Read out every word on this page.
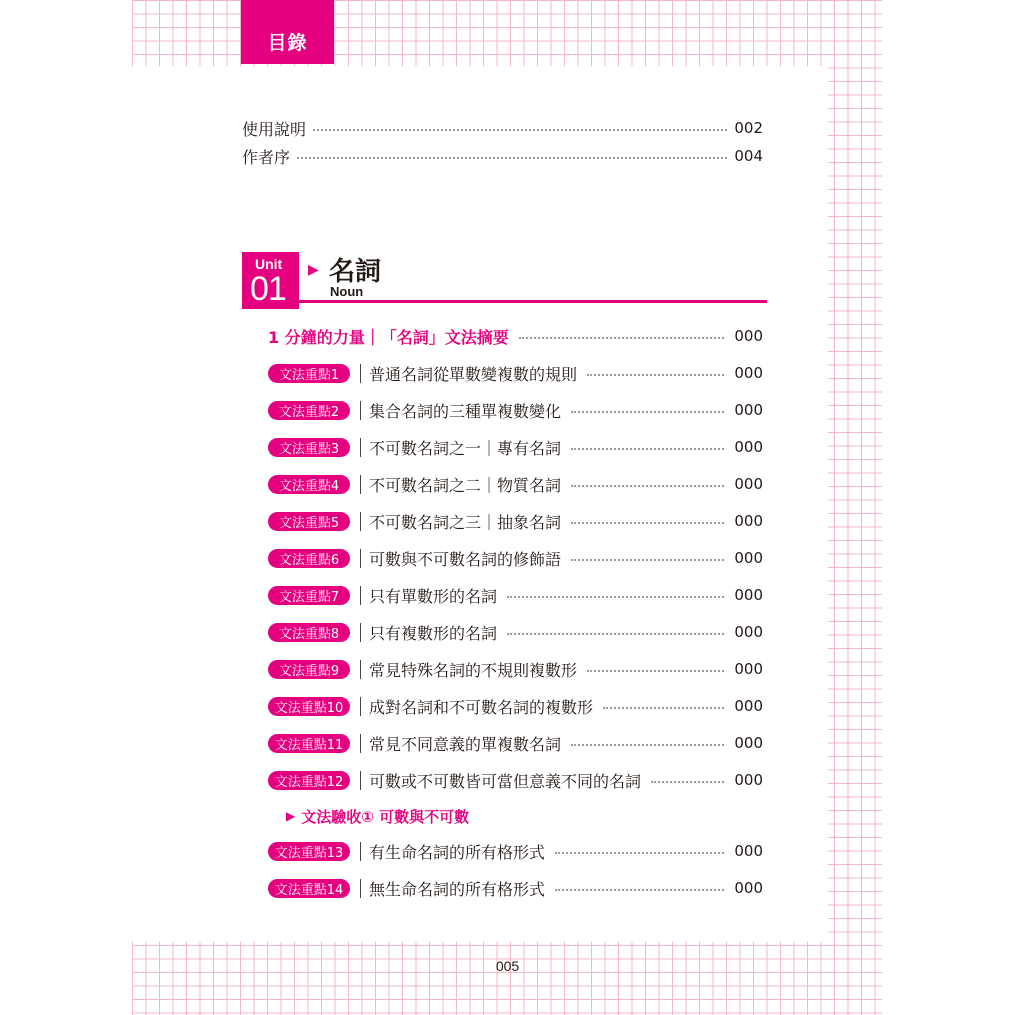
目錄
使用說明	002
作者序	004
Unit
01 ▶ 名詞
Noun
1 分鐘的力量｜「名詞」文法摘要	000
文法重點1	普通名詞從單數變複數的規則	000
文法重點2	集合名詞的三種單複數變化	000
文法重點3	不可數名詞之一｜專有名詞	000
文法重點4	不可數名詞之二｜物質名詞	000
文法重點5	不可數名詞之三｜抽象名詞	000
文法重點6	可數與不可數名詞的修飾語	000
文法重點7	只有單數形的名詞	000
文法重點8	只有複數形的名詞	000
文法重點9	常見特殊名詞的不規則複數形	000
文法重點10	成對名詞和不可數名詞的複數形	000
文法重點11	常見不同意義的單複數名詞	000
文法重點12	可數或不可數皆可當但意義不同的名詞	000
文法重點13	有生命名詞的所有格形式	000
文法重點14	無生命名詞的所有格形式	000
▶ 文法驗收① 可數與不可數
005
